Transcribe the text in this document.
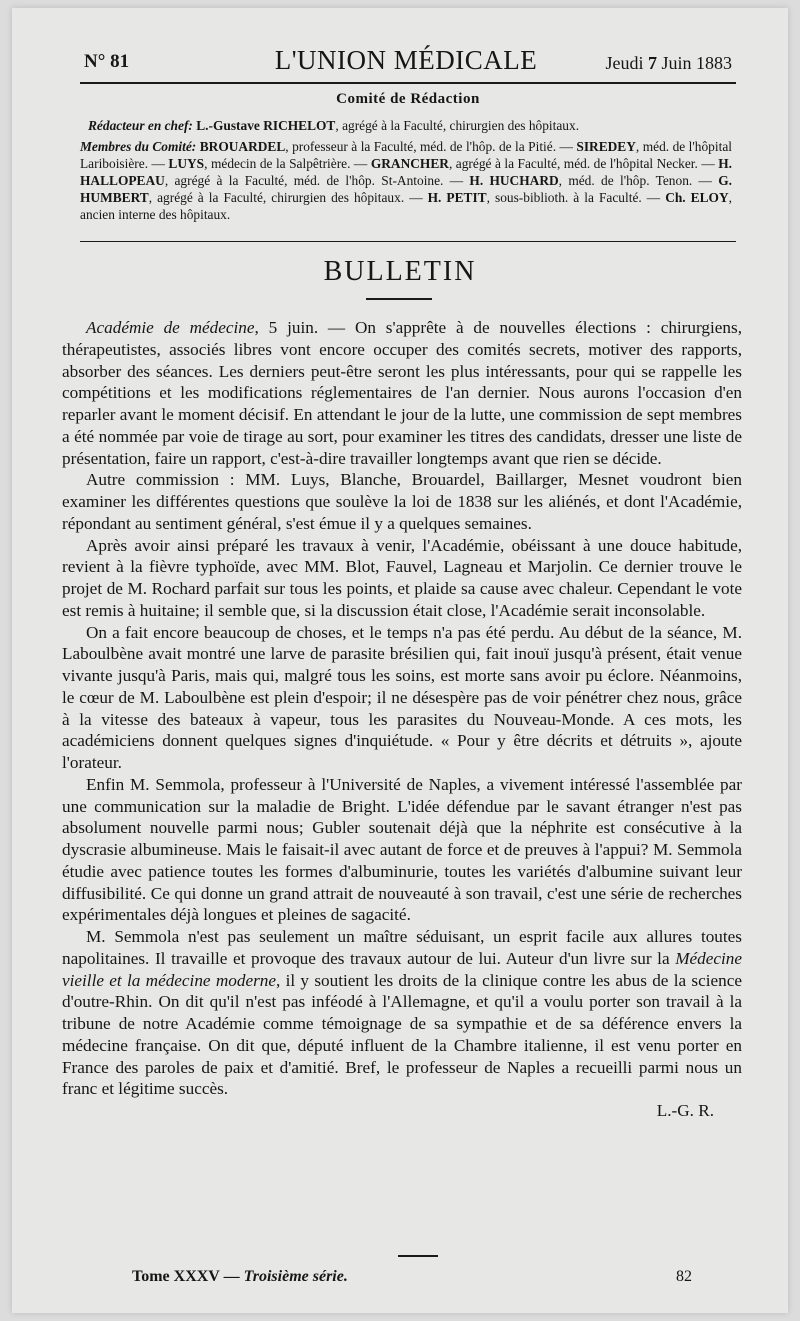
N° 81	L'UNION MÉDICALE	Jeudi 7 Juin 1883
Comité de Rédaction

Rédacteur en chef: L.-Gustave RICHELOT, agrégé à la Faculté, chirurgien des hôpitaux.

Membres du Comité: BROUARDEL, professeur à la Faculté, méd. de l'hôp. de la Pitié. — SIREDEY, méd. de l'hôpital Lariboisière. — LUYS, médecin de la Salpêtrière. — GRANCHER, agrégé à la Faculté, méd. de l'hôpital Necker. — H. HALLOPEAU, agrégé à la Faculté, méd. de l'hôp. St-Antoine. — H. HUCHARD, méd. de l'hôp. Tenon. — G. HUMBERT, agrégé à la Faculté, chirurgien des hôpitaux. — H. PETIT, sous-biblioth. à la Faculté. — Ch. ELOY, ancien interne des hôpitaux.

BULLETIN

Académie de médecine, 5 juin. — On s'apprête à de nouvelles élections : chirurgiens, thérapeutistes, associés libres vont encore occuper des comités secrets, motiver des rapports, absorber des séances. Les derniers peut-être seront les plus intéressants, pour qui se rappelle les compétitions et les modifications réglementaires de l'an dernier. Nous aurons l'occasion d'en reparler avant le moment décisif. En attendant le jour de la lutte, une commission de sept membres a été nommée par voie de tirage au sort, pour examiner les titres des candidats, dresser une liste de présentation, faire un rapport, c'est-à-dire travailler longtemps avant que rien se décide.

Autre commission : MM. Luys, Blanche, Brouardel, Baillarger, Mesnet voudront bien examiner les différentes questions que soulève la loi de 1838 sur les aliénés, et dont l'Académie, répondant au sentiment général, s'est émue il y a quelques semaines.

Après avoir ainsi préparé les travaux à venir, l'Académie, obéissant à une douce habitude, revient à la fièvre typhoïde, avec MM. Blot, Fauvel, Lagneau et Marjolin. Ce dernier trouve le projet de M. Rochard parfait sur tous les points, et plaide sa cause avec chaleur. Cependant le vote est remis à huitaine; il semble que, si la discussion était close, l'Académie serait inconsolable.

On a fait encore beaucoup de choses, et le temps n'a pas été perdu. Au début de la séance, M. Laboulbène avait montré une larve de parasite brésilien qui, fait inouï jusqu'à présent, était venue vivante jusqu'à Paris, mais qui, malgré tous les soins, est morte sans avoir pu éclore. Néanmoins, le cœur de M. Laboulbène est plein d'espoir; il ne désespère pas de voir pénétrer chez nous, grâce à la vitesse des bateaux à vapeur, tous les parasites du Nouveau-Monde. A ces mots, les académiciens donnent quelques signes d'inquiétude. « Pour y être décrits et détruits », ajoute l'orateur.

Enfin M. Semmola, professeur à l'Université de Naples, a vivement intéressé l'assemblée par une communication sur la maladie de Bright. L'idée défendue par le savant étranger n'est pas absolument nouvelle parmi nous; Gubler soutenait déjà que la néphrite est consécutive à la dyscrasie albumineuse. Mais le faisait-il avec autant de force et de preuves à l'appui? M. Semmola étudie avec patience toutes les formes d'albuminurie, toutes les variétés d'albumine suivant leur diffusibilité. Ce qui donne un grand attrait de nouveauté à son travail, c'est une série de recherches expérimentales déjà longues et pleines de sagacité.

M. Semmola n'est pas seulement un maître séduisant, un esprit facile aux allures toutes napolitaines. Il travaille et provoque des travaux autour de lui. Auteur d'un livre sur la Médecine vieille et la médecine moderne, il y soutient les droits de la clinique contre les abus de la science d'outre-Rhin. On dit qu'il n'est pas inféodé à l'Allemagne, et qu'il a voulu porter son travail à la tribune de notre Académie comme témoignage de sa sympathie et de sa déférence envers la médecine française. On dit que, député influent de la Chambre italienne, il est venu porter en France des paroles de paix et d'amitié. Bref, le professeur de Naples a recueilli parmi nous un franc et légitime succès.

L.-G. R.

Tome XXXV — Troisième série.	82
